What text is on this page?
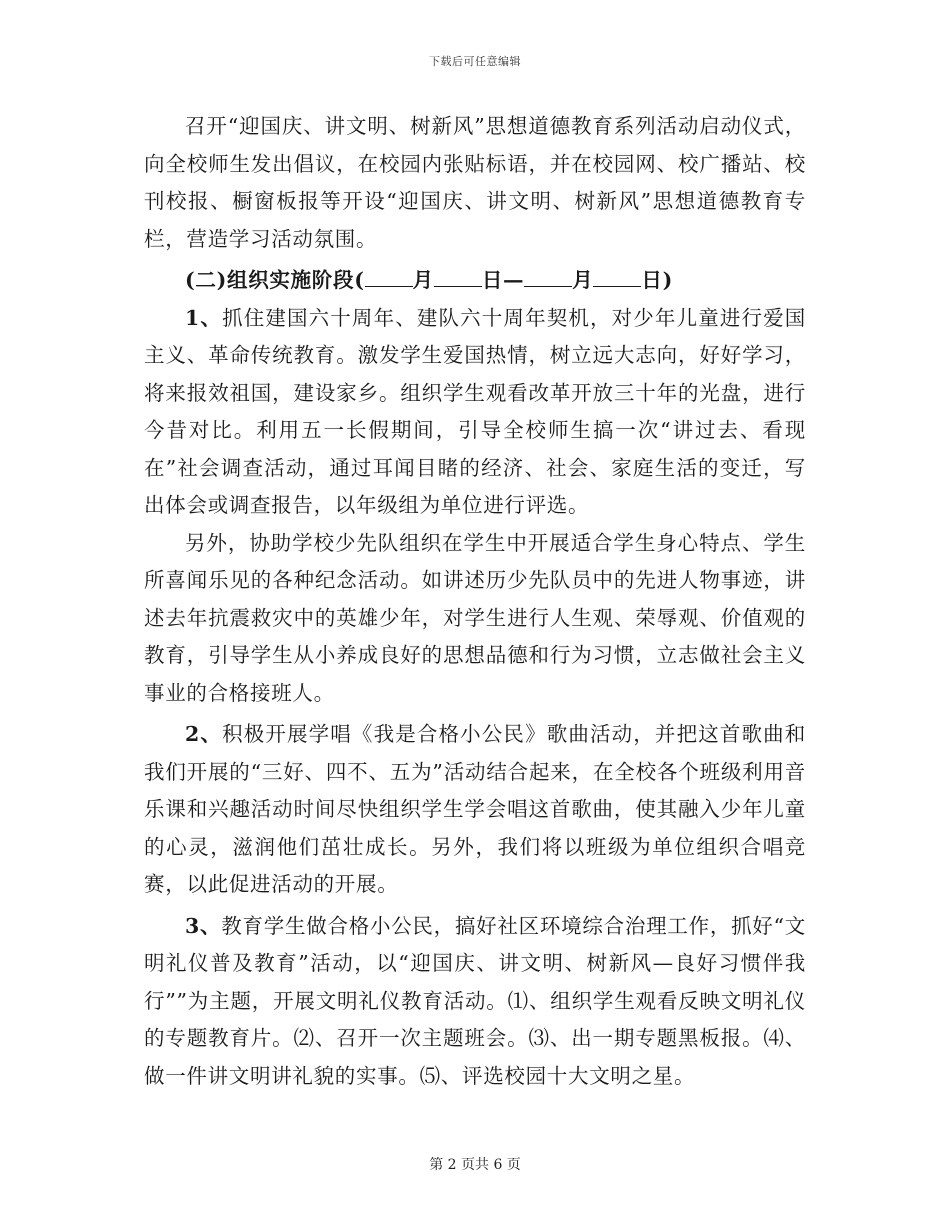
下载后可任意编辑

召开“迎国庆、讲文明、树新风”思想道德教育系列活动启动仪式，向全校师生发出倡议，在校园内张贴标语，并在校园网、校广播站、校刊校报、橱窗板报等开设“迎国庆、讲文明、树新风”思想道德教育专栏，营造学习活动氛围。

(二)组织实施阶段( 月 日— 月 日)

1、抓住建国六十周年、建队六十周年契机，对少年儿童进行爱国主义、革命传统教育。激发学生爱国热情，树立远大志向，好好学习，将来报效祖国，建设家乡。组织学生观看改革开放三十年的光盘，进行今昔对比。利用五一长假期间，引导全校师生搞一次“讲过去、看现在”社会调查活动，通过耳闻目睹的经济、社会、家庭生活的变迁，写出体会或调查报告，以年级组为单位进行评选。

另外，协助学校少先队组织在学生中开展适合学生身心特点、学生所喜闻乐见的各种纪念活动。如讲述历少先队员中的先进人物事迹，讲述去年抗震救灾中的英雄少年，对学生进行人生观、荣辱观、价值观的教育，引导学生从小养成良好的思想品德和行为习惯，立志做社会主义事业的合格接班人。

2、积极开展学唱《我是合格小公民》歌曲活动，并把这首歌曲和我们开展的“三好、四不、五为”活动结合起来，在全校各个班级利用音乐课和兴趣活动时间尽快组织学生学会唱这首歌曲，使其融入少年儿童的心灵，滋润他们茁壮成长。另外，我们将以班级为单位组织合唱竞赛，以此促进活动的开展。

3、教育学生做合格小公民，搞好社区环境综合治理工作，抓好“文明礼仪普及教育”活动，以“迎国庆、讲文明、树新风—良好习惯伴我行””为主题，开展文明礼仪教育活动。⑴、组织学生观看反映文明礼仪的专题教育片。⑵、召开一次主题班会。⑶、出一期专题黑板报。⑷、做一件讲文明讲礼貌的实事。⑸、评选校园十大文明之星。

第 2 页共 6 页
